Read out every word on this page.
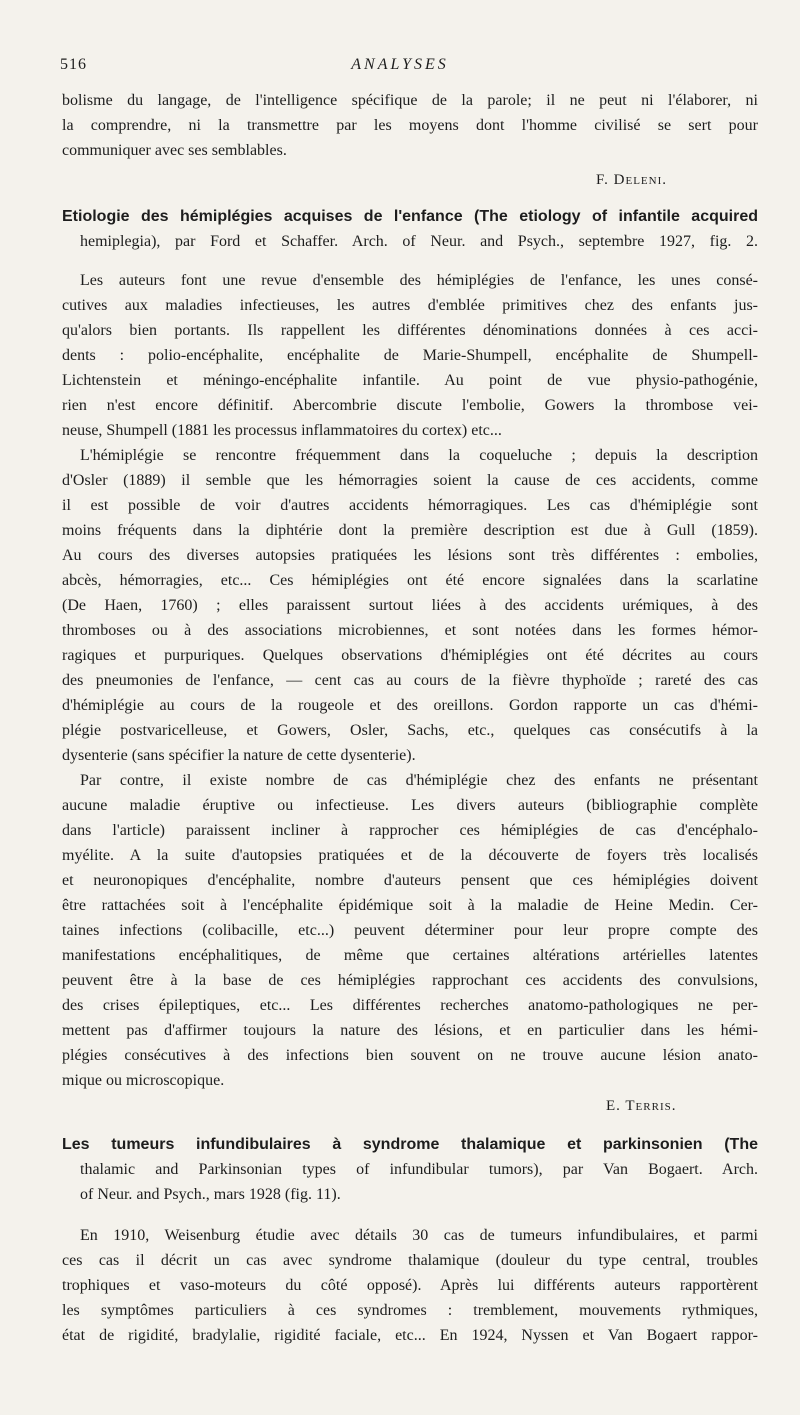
ANALYSES
516
bolisme du langage, de l'intelligence spécifique de la parole; il ne peut ni l'élaborer, ni
la comprendre, ni la transmettre par les moyens dont l'homme civilisé se sert pour
communiquer avec ses semblables.
Etiologie des hémiplégies acquises de l'enfance (The etiology of infantile acquired
hemiplegia), par Ford et Schaffer. Arch. of Neur. and Psych., septembre 1927, fig. 2.
Les auteurs font une revue d'ensemble des hémiplégies de l'enfance, les unes consé-
cutives aux maladies infectieuses, les autres d'emblée primitives chez des enfants jus-
qu'alors bien portants. Ils rappellent les différentes dénominations données à ces acci-
dents : polio-encéphalite, encéphalite de Marie-Shumpell, encéphalite de Shumpell-
Lichtenstein et méningo-encéphalite infantile. Au point de vue physio-pathogénie,
rien n'est encore définitif. Abercombrie discute l'embolie, Gowers la thrombose vei-
neuse, Shumpell (1881 les processus inflammatoires du cortex) etc...
L'hémiplégie se rencontre fréquemment dans la coqueluche ; depuis la description
d'Osler (1889) il semble que les hémorragies soient la cause de ces accidents, comme
il est possible de voir d'autres accidents hémorragiques. Les cas d'hémiplégie sont
moins fréquents dans la diphtérie dont la première description est due à Gull (1859).
Au cours des diverses autopsies pratiquées les lésions sont très différentes : embolies,
abcès, hémorragies, etc... Ces hémiplégies ont été encore signalées dans la scarlatine
(De Haen, 1760) ; elles paraissent surtout liées à des accidents urémiques, à des
thromboses ou à des associations microbiennes, et sont notées dans les formes hémor-
ragiques et purpuriques. Quelques observations d'hémiplégies ont été décrites au cours
des pneumonies de l'enfance, — cent cas au cours de la fièvre thyphoïde ; rareté des cas
d'hémiplégie au cours de la rougeole et des oreillons. Gordon rapporte un cas d'hémi-
plégie postvaricelleuse, et Gowers, Osler, Sachs, etc., quelques cas consécutifs à la
dysenterie (sans spécifier la nature de cette dysenterie).
Par contre, il existe nombre de cas d'hémiplégie chez des enfants ne présentant
aucune maladie éruptive ou infectieuse. Les divers auteurs (bibliographie complète
dans l'article) paraissent incliner à rapprocher ces hémiplégies de cas d'encéphalo-
myélite. A la suite d'autopsies pratiquées et de la découverte de foyers très localisés
et neuronopiques d'encéphalite, nombre d'auteurs pensent que ces hémiplégies doivent
être rattachées soit à l'encéphalite épidémique soit à la maladie de Heine Medin. Cer-
taines infections (colibacille, etc...) peuvent déterminer pour leur propre compte des
manifestations encéphalitiques, de même que certaines altérations artérielles latentes
peuvent être à la base de ces hémiplégies rapprochant ces accidents des convulsions,
des crises épileptiques, etc... Les différentes recherches anatomo-pathologiques ne per-
mettent pas d'affirmer toujours la nature des lésions, et en particulier dans les hémi-
plégies consécutives à des infections bien souvent on ne trouve aucune lésion anato-
mique ou microscopique.
Les tumeurs infundibulaires à syndrome thalamique et parkinsonien (The
thalamic and Parkinsonian types of infundibular tumors), par Van Bogaert. Arch.
of Neur. and Psych., mars 1928 (fig. 11).
En 1910, Weisenburg étudie avec détails 30 cas de tumeurs infundibulaires, et parmi
ces cas il décrit un cas avec syndrome thalamique (douleur du type central, troubles
trophiques et vaso-moteurs du côté opposé). Après lui différents auteurs rapportèrent
les symptômes particuliers à ces syndromes : tremblement, mouvements rythmiques,
état de rigidité, bradylalie, rigidité faciale, etc... En 1924, Nyssen et Van Bogaert rappor-
F. Deleni.
E. Terris.
